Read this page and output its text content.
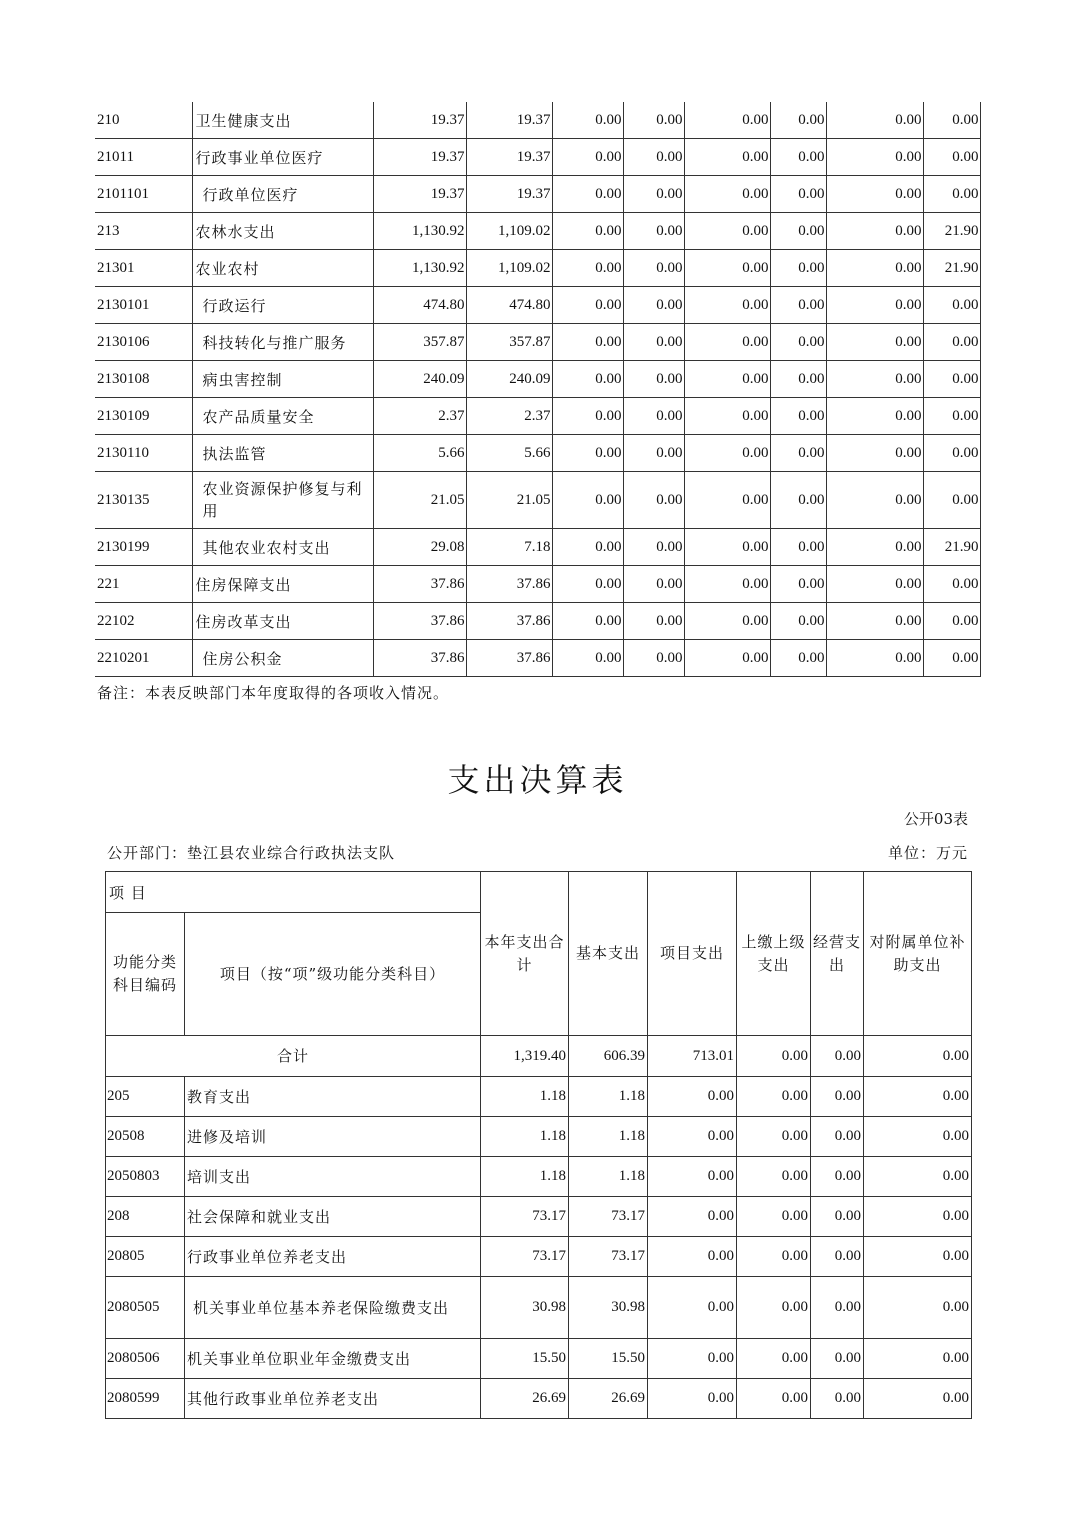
210	卫生健康支出	19.37	19.37	0.00	0.00	0.00	0.00	0.00	0.00
21011	行政事业单位医疗	19.37	19.37	0.00	0.00	0.00	0.00	0.00	0.00
2101101	行政单位医疗	19.37	19.37	0.00	0.00	0.00	0.00	0.00	0.00
213	农林水支出	1,130.92	1,109.02	0.00	0.00	0.00	0.00	0.00	21.90
21301	农业农村	1,130.92	1,109.02	0.00	0.00	0.00	0.00	0.00	21.90
2130101	行政运行	474.80	474.80	0.00	0.00	0.00	0.00	0.00	0.00
2130106	科技转化与推广服务	357.87	357.87	0.00	0.00	0.00	0.00	0.00	0.00
2130108	病虫害控制	240.09	240.09	0.00	0.00	0.00	0.00	0.00	0.00
2130109	农产品质量安全	2.37	2.37	0.00	0.00	0.00	0.00	0.00	0.00
2130110	执法监管	5.66	5.66	0.00	0.00	0.00	0.00	0.00	0.00
2130135	农业资源保护修复与利用	21.05	21.05	0.00	0.00	0.00	0.00	0.00	0.00
2130199	其他农业农村支出	29.08	7.18	0.00	0.00	0.00	0.00	0.00	21.90
221	住房保障支出	37.86	37.86	0.00	0.00	0.00	0.00	0.00	0.00
22102	住房改革支出	37.86	37.86	0.00	0.00	0.00	0.00	0.00	0.00
2210201	住房公积金	37.86	37.86	0.00	0.00	0.00	0.00	0.00	0.00
备注：本表反映部门本年度取得的各项收入情况。
支出决算表
公开03表
公开部门：垫江县农业综合行政执法支队	单位：万元
项 目		本年支出合计	基本支出	项目支出	上缴上级支出	经营支出	对附属单位补助支出
功能分类科目编码	项目（按“项”级功能分类科目）						
合计		1,319.40	606.39	713.01	0.00	0.00	0.00
205	教育支出	1.18	1.18	0.00	0.00	0.00	0.00
20508	进修及培训	1.18	1.18	0.00	0.00	0.00	0.00
2050803	培训支出	1.18	1.18	0.00	0.00	0.00	0.00
208	社会保障和就业支出	73.17	73.17	0.00	0.00	0.00	0.00
20805	行政事业单位养老支出	73.17	73.17	0.00	0.00	0.00	0.00
2080505	机关事业单位基本养老保险缴费支出	30.98	30.98	0.00	0.00	0.00	0.00
2080506	机关事业单位职业年金缴费支出	15.50	15.50	0.00	0.00	0.00	0.00
2080599	其他行政事业单位养老支出	26.69	26.69	0.00	0.00	0.00	0.00
